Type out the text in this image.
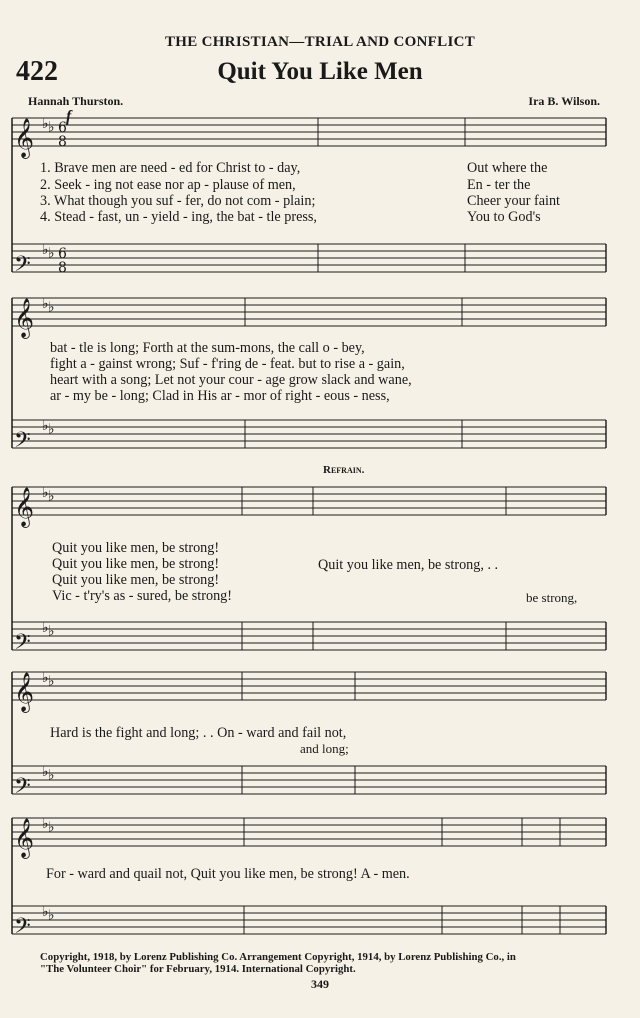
THE CHRISTIAN—TRIAL AND CONFLICT
422	Quit You Like Men
Hannah Thurston.	Ira B. Wilson.
f
𝄞 ♭ ♭
𝄢
♭ ♭
𝄞 ♭ ♭
𝄢
♭ ♭
𝄞 ♭ ♭
𝄢
♭ ♭
𝄞 ♭ ♭
𝄢
♭ ♭
𝄞 ♭ ♭
𝄢
♭ ♭
6
8
6
8
1. Brave men are need - ed for Christ to - day,
2. Seek - ing not ease nor ap - plause of men,
3. What though you suf - fer, do not com - plain;
4. Stead - fast, un - yield - ing, the bat - tle press,
Out where the
En - ter the
Cheer your faint
You to God's
bat - tle is long; Forth at the sum-mons, the call o - bey,
fight a - gainst wrong; Suf - f'ring de - feat. but to rise a - gain,
heart with a song; Let not your cour - age grow slack and wane,
ar - my be - long; Clad in His ar - mor of right - eous - ness,
Refrain.
Quit you like men, be strong!
Quit you like men, be strong!
Quit you like men, be strong!
Vic - t'ry's as - sured, be strong!
Quit you like men, be strong, . .
be strong,
Hard is the fight and long; . . On - ward and fail not,
and long;
For - ward and quail not, Quit you like men, be strong! A - men.
Copyright, 1918, by Lorenz Publishing Co. Arrangement Copyright, 1914, by Lorenz Publishing Co., in
"The Volunteer Choir" for February, 1914. International Copyright.
349
